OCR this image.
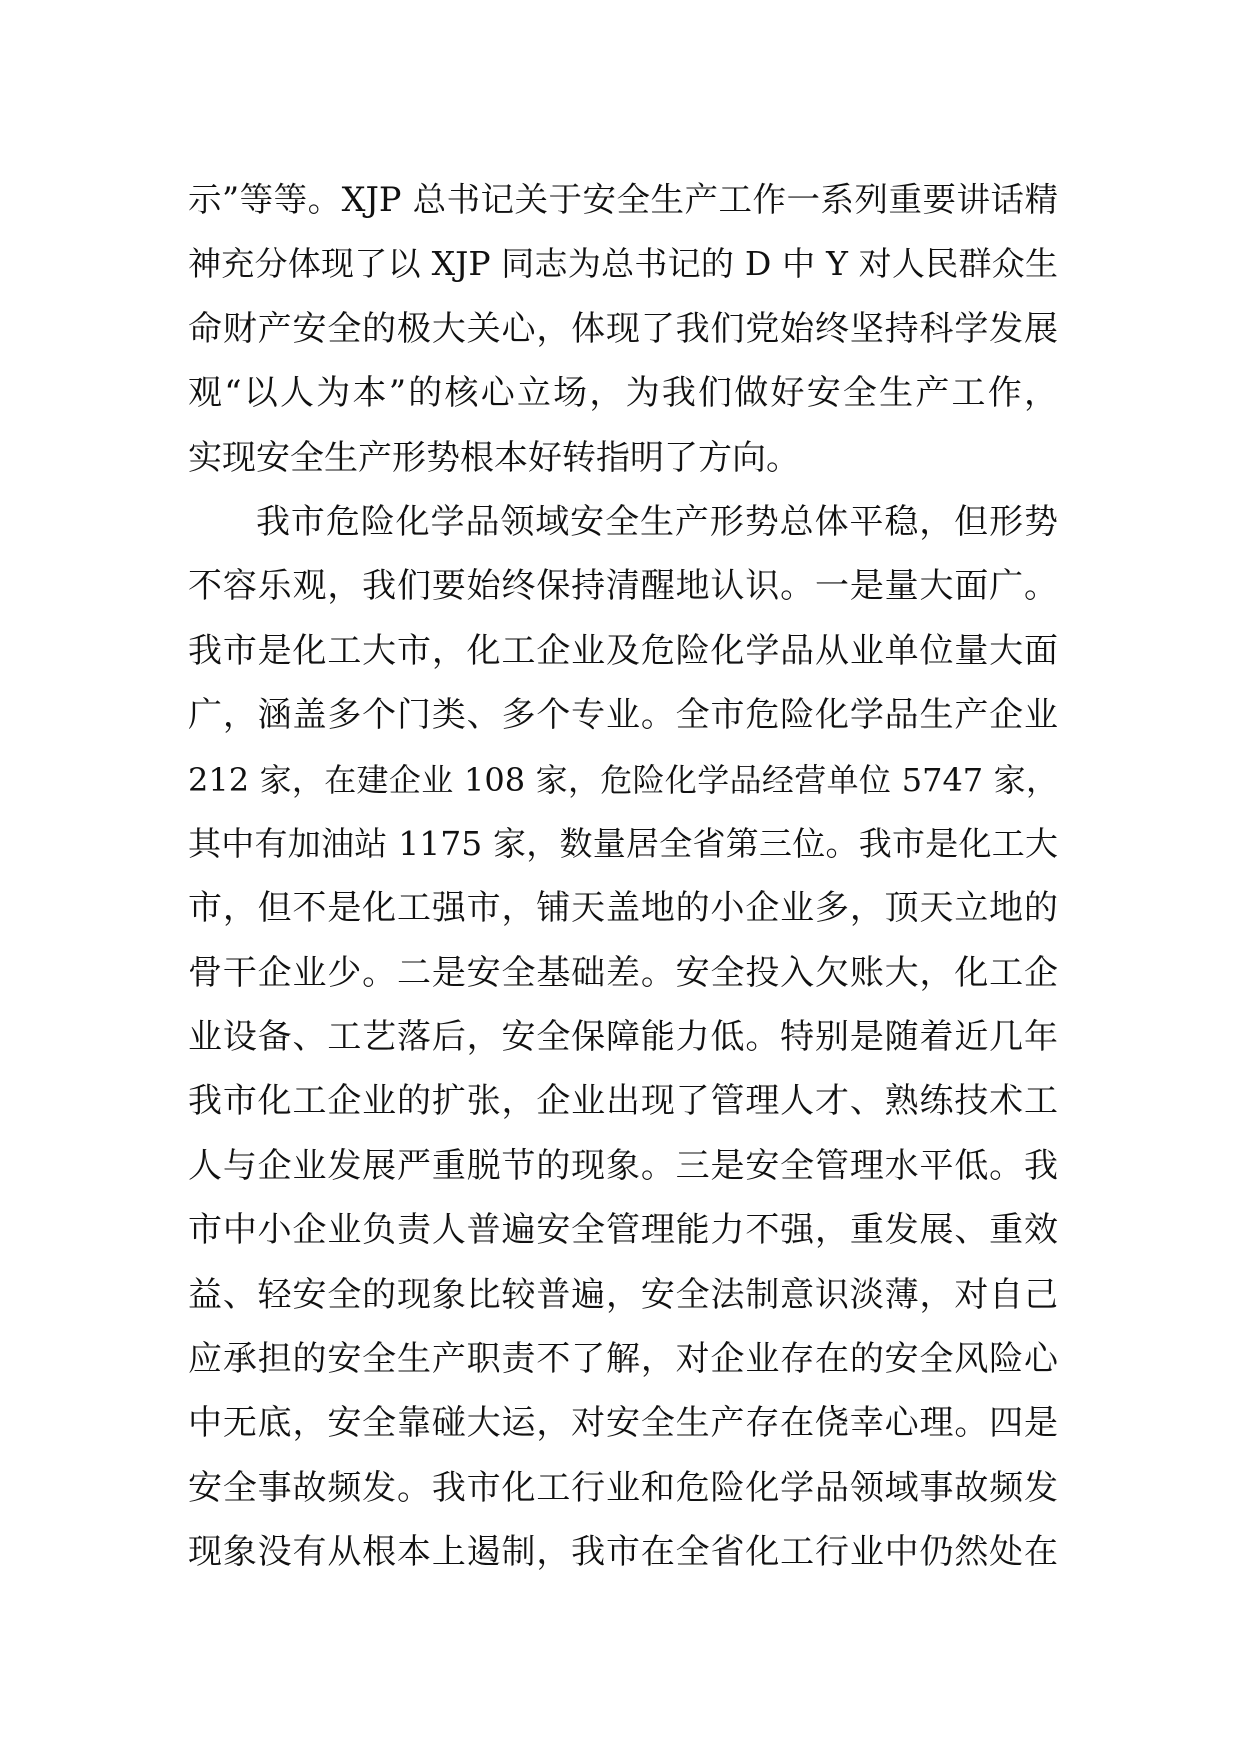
示”等等。XJP 总书记关于安全生产工作一系列重要讲话精
神充分体现了以 XJP 同志为总书记的 D 中 Y 对人民群众生
命财产安全的极大关心，体现了我们党始终坚持科学发展
观“以人为本”的核心立场，为我们做好安全生产工作，
实现安全生产形势根本好转指明了方向。
我市危险化学品领域安全生产形势总体平稳，但形势
不容乐观，我们要始终保持清醒地认识。一是量大面广。
我市是化工大市，化工企业及危险化学品从业单位量大面
广，涵盖多个门类、多个专业。全市危险化学品生产企业
212 家，在建企业 108 家，危险化学品经营单位 5747 家，
其中有加油站 1175 家，数量居全省第三位。我市是化工大
市，但不是化工强市，铺天盖地的小企业多，顶天立地的
骨干企业少。二是安全基础差。安全投入欠账大，化工企
业设备、工艺落后，安全保障能力低。特别是随着近几年
我市化工企业的扩张，企业出现了管理人才、熟练技术工
人与企业发展严重脱节的现象。三是安全管理水平低。我
市中小企业负责人普遍安全管理能力不强，重发展、重效
益、轻安全的现象比较普遍，安全法制意识淡薄，对自己
应承担的安全生产职责不了解，对企业存在的安全风险心
中无底，安全靠碰大运，对安全生产存在侥幸心理。四是
安全事故频发。我市化工行业和危险化学品领域事故频发
现象没有从根本上遏制，我市在全省化工行业中仍然处在
